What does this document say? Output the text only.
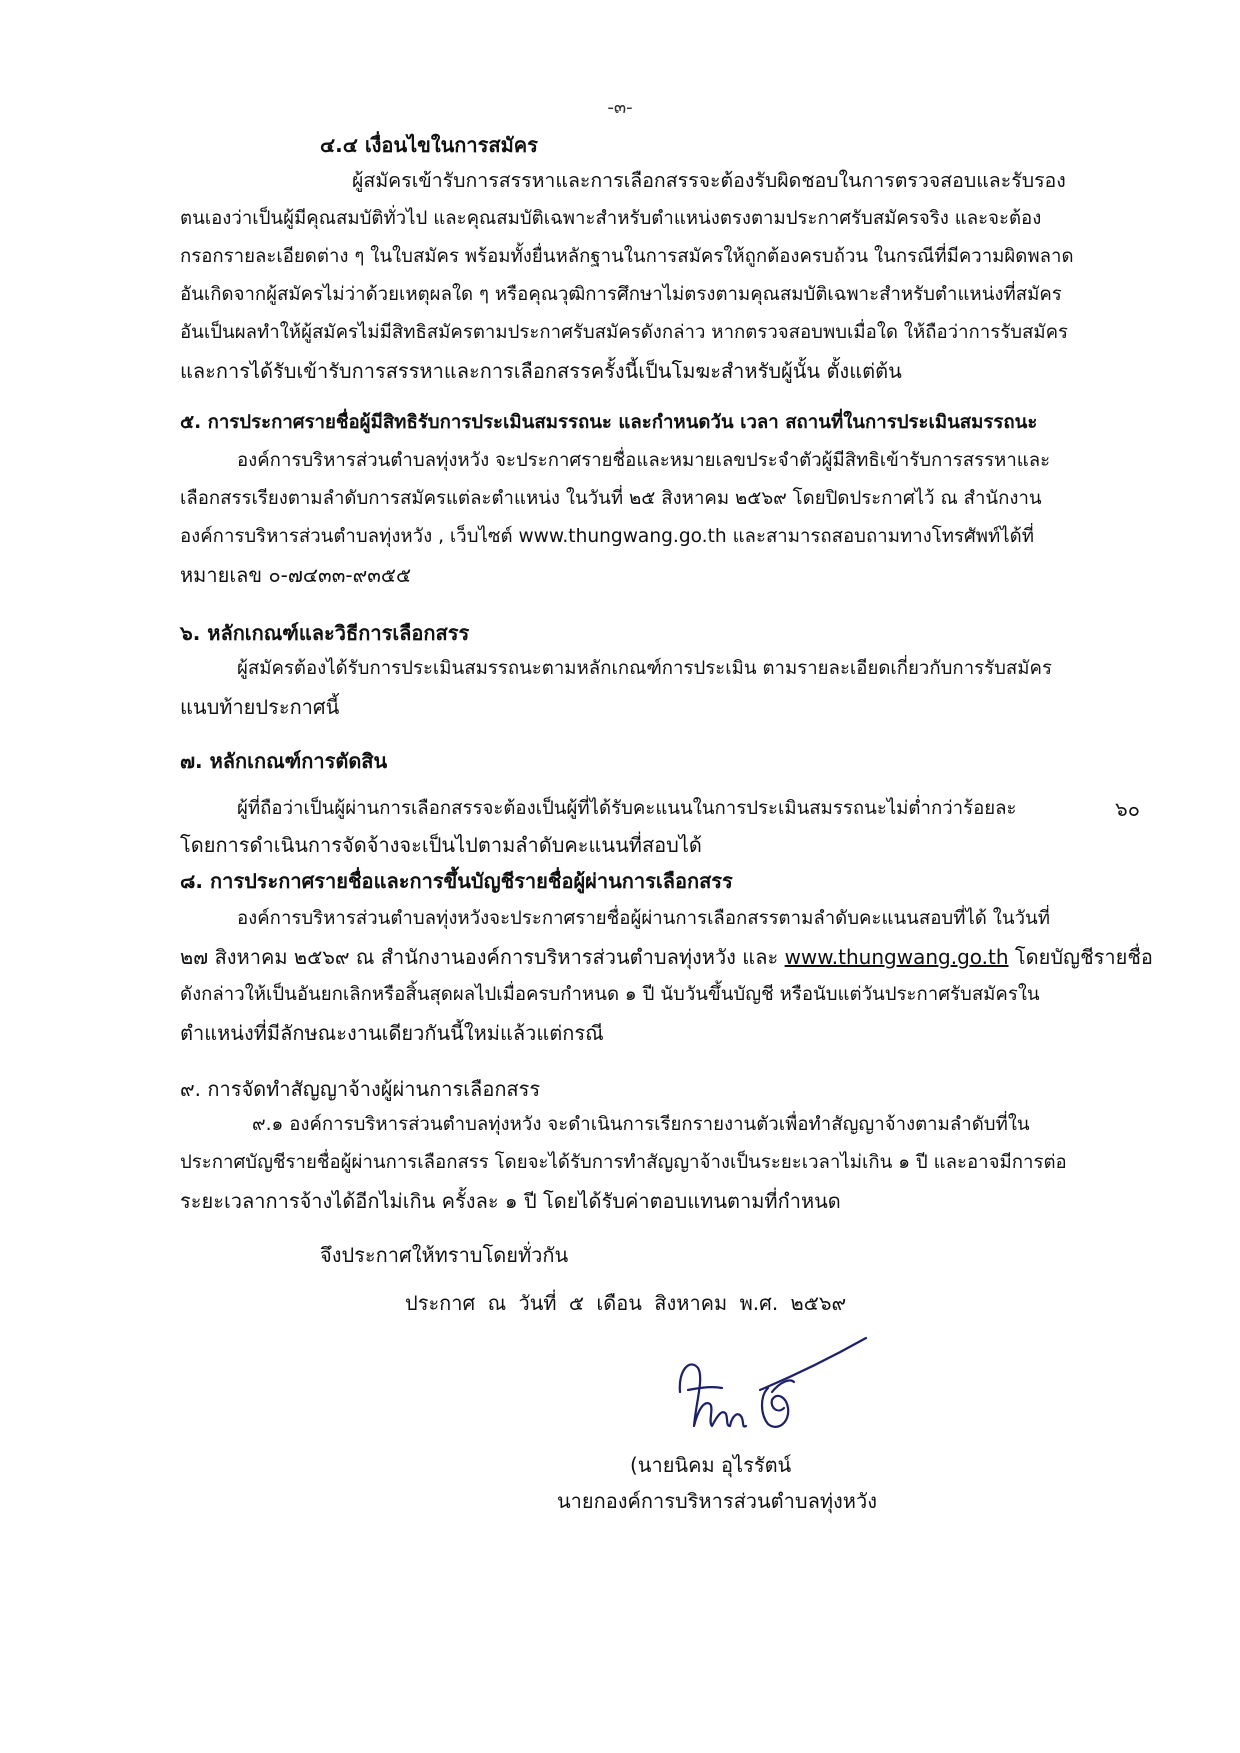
-๓-
๔.๔ เงื่อนไขในการสมัคร
ผู้สมัครเข้ารับการสรรหาและการเลือกสรรจะต้องรับผิดชอบในการตรวจสอบและรับรอง
ตนเองว่าเป็นผู้มีคุณสมบัติทั่วไป และคุณสมบัติเฉพาะสำหรับตำแหน่งตรงตามประกาศรับสมัครจริง และจะต้อง
กรอกรายละเอียดต่าง ๆ ในใบสมัคร พร้อมทั้งยื่นหลักฐานในการสมัครให้ถูกต้องครบถ้วน ในกรณีที่มีความผิดพลาด
อันเกิดจากผู้สมัครไม่ว่าด้วยเหตุผลใด ๆ หรือคุณวุฒิการศึกษาไม่ตรงตามคุณสมบัติเฉพาะสำหรับตำแหน่งที่สมัคร
อันเป็นผลทำให้ผู้สมัครไม่มีสิทธิสมัครตามประกาศรับสมัครดังกล่าว หากตรวจสอบพบเมื่อใด ให้ถือว่าการรับสมัคร
และการได้รับเข้ารับการสรรหาและการเลือกสรรครั้งนี้เป็นโมฆะสำหรับผู้นั้น ตั้งแต่ต้น
๕. การประกาศรายชื่อผู้มีสิทธิรับการประเมินสมรรถนะ และกำหนดวัน เวลา สถานที่ในการประเมินสมรรถนะ
องค์การบริหารส่วนตำบลทุ่งหวัง จะประกาศรายชื่อและหมายเลขประจำตัวผู้มีสิทธิเข้ารับการสรรหาและ
เลือกสรรเรียงตามลำดับการสมัครแต่ละตำแหน่ง ในวันที่ ๒๕ สิงหาคม ๒๕๖๙ โดยปิดประกาศไว้ ณ สำนักงาน
องค์การบริหารส่วนตำบลทุ่งหวัง , เว็บไซต์ www.thungwang.go.th และสามารถสอบถามทางโทรศัพท์ได้ที่
หมายเลข ๐-๗๔๓๓-๙๓๕๕
๖. หลักเกณฑ์และวิธีการเลือกสรร
ผู้สมัครต้องได้รับการประเมินสมรรถนะตามหลักเกณฑ์การประเมิน ตามรายละเอียดเกี่ยวกับการรับสมัคร
แนบท้ายประกาศนี้
๗. หลักเกณฑ์การตัดสิน
ผู้ที่ถือว่าเป็นผู้ผ่านการเลือกสรรจะต้องเป็นผู้ที่ได้รับคะแนนในการประเมินสมรรถนะไม่ต่ำกว่าร้อยละ	๖๐
โดยการดำเนินการจัดจ้างจะเป็นไปตามลำดับคะแนนที่สอบได้
๘. การประกาศรายชื่อและการขึ้นบัญชีรายชื่อผู้ผ่านการเลือกสรร
องค์การบริหารส่วนตำบลทุ่งหวังจะประกาศรายชื่อผู้ผ่านการเลือกสรรตามลำดับคะแนนสอบที่ได้ ในวันที่
๒๗ สิงหาคม ๒๕๖๙ ณ สำนักงานองค์การบริหารส่วนตำบลทุ่งหวัง และ www.thungwang.go.th โดยบัญชีรายชื่อ
ดังกล่าวให้เป็นอันยกเลิกหรือสิ้นสุดผลไปเมื่อครบกำหนด ๑ ปี นับวันขึ้นบัญชี หรือนับแต่วันประกาศรับสมัครใน
ตำแหน่งที่มีลักษณะงานเดียวกันนี้ใหม่แล้วแต่กรณี
๙. การจัดทำสัญญาจ้างผู้ผ่านการเลือกสรร
๙.๑ องค์การบริหารส่วนตำบลทุ่งหวัง จะดำเนินการเรียกรายงานตัวเพื่อทำสัญญาจ้างตามลำดับที่ใน
ประกาศบัญชีรายชื่อผู้ผ่านการเลือกสรร โดยจะได้รับการทำสัญญาจ้างเป็นระยะเวลาไม่เกิน ๑ ปี และอาจมีการต่อ
ระยะเวลาการจ้างได้อีกไม่เกิน ครั้งละ ๑ ปี โดยได้รับค่าตอบแทนตามที่กำหนด
จึงประกาศให้ทราบโดยทั่วกัน
ประกาศ ณ วันที่ ๕ เดือน สิงหาคม พ.ศ. ๒๕๖๙
(นายนิคม อุไรรัตน์
นายกองค์การบริหารส่วนตำบลทุ่งหวัง
